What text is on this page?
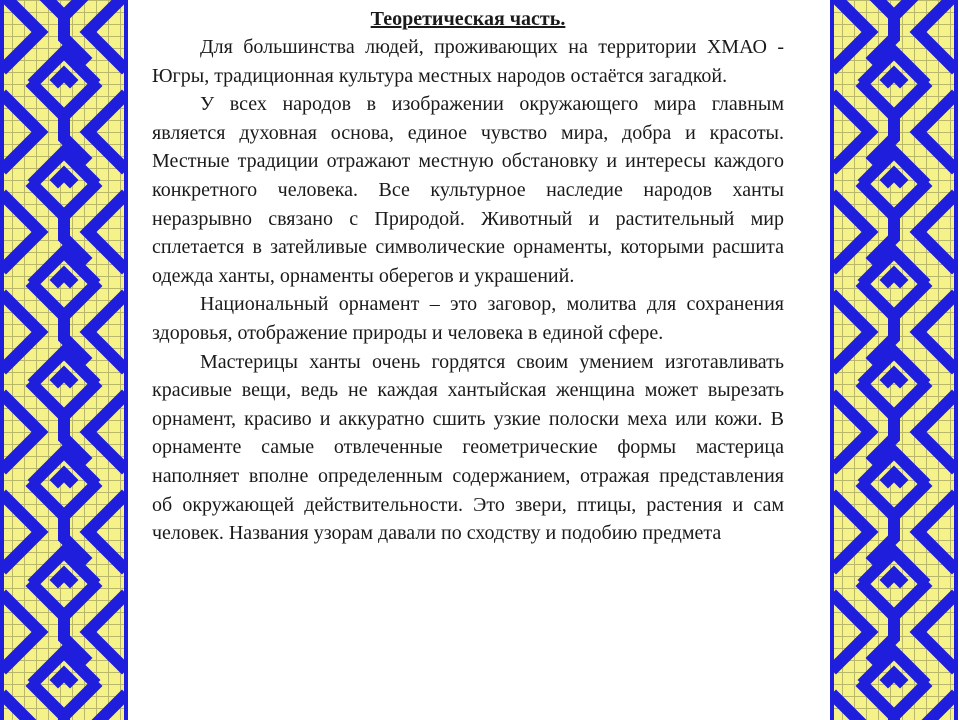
Теоретическая часть.

Для большинства людей, проживающих на территории ХМАО - Югры, традиционная культура местных народов остаётся загадкой.

У всех народов в изображении окружающего мира главным является духовная основа, единое чувство мира, добра и красоты. Местные традиции отражают местную обстановку и интересы каждого конкретного человека. Все культурное наследие народов ханты неразрывно связано с Природой. Животный и растительный мир сплетается в затейливые символические орнаменты, которыми расшита одежда ханты, орнаменты оберегов и украшений.

Национальный орнамент – это заговор, молитва для сохранения здоровья, отображение природы и человека в единой сфере.

Мастерицы ханты очень гордятся своим умением изготавливать красивые вещи, ведь не каждая хантыйская женщина может вырезать орнамент, красиво и аккуратно сшить узкие полоски меха или кожи. В орнаменте самые отвлеченные геометрические формы мастерица наполняет вполне определенным содержанием, отражая представления об окружающей действительности. Это звери, птицы, растения и сам человек. Названия узорам давали по сходству и подобию предмета
